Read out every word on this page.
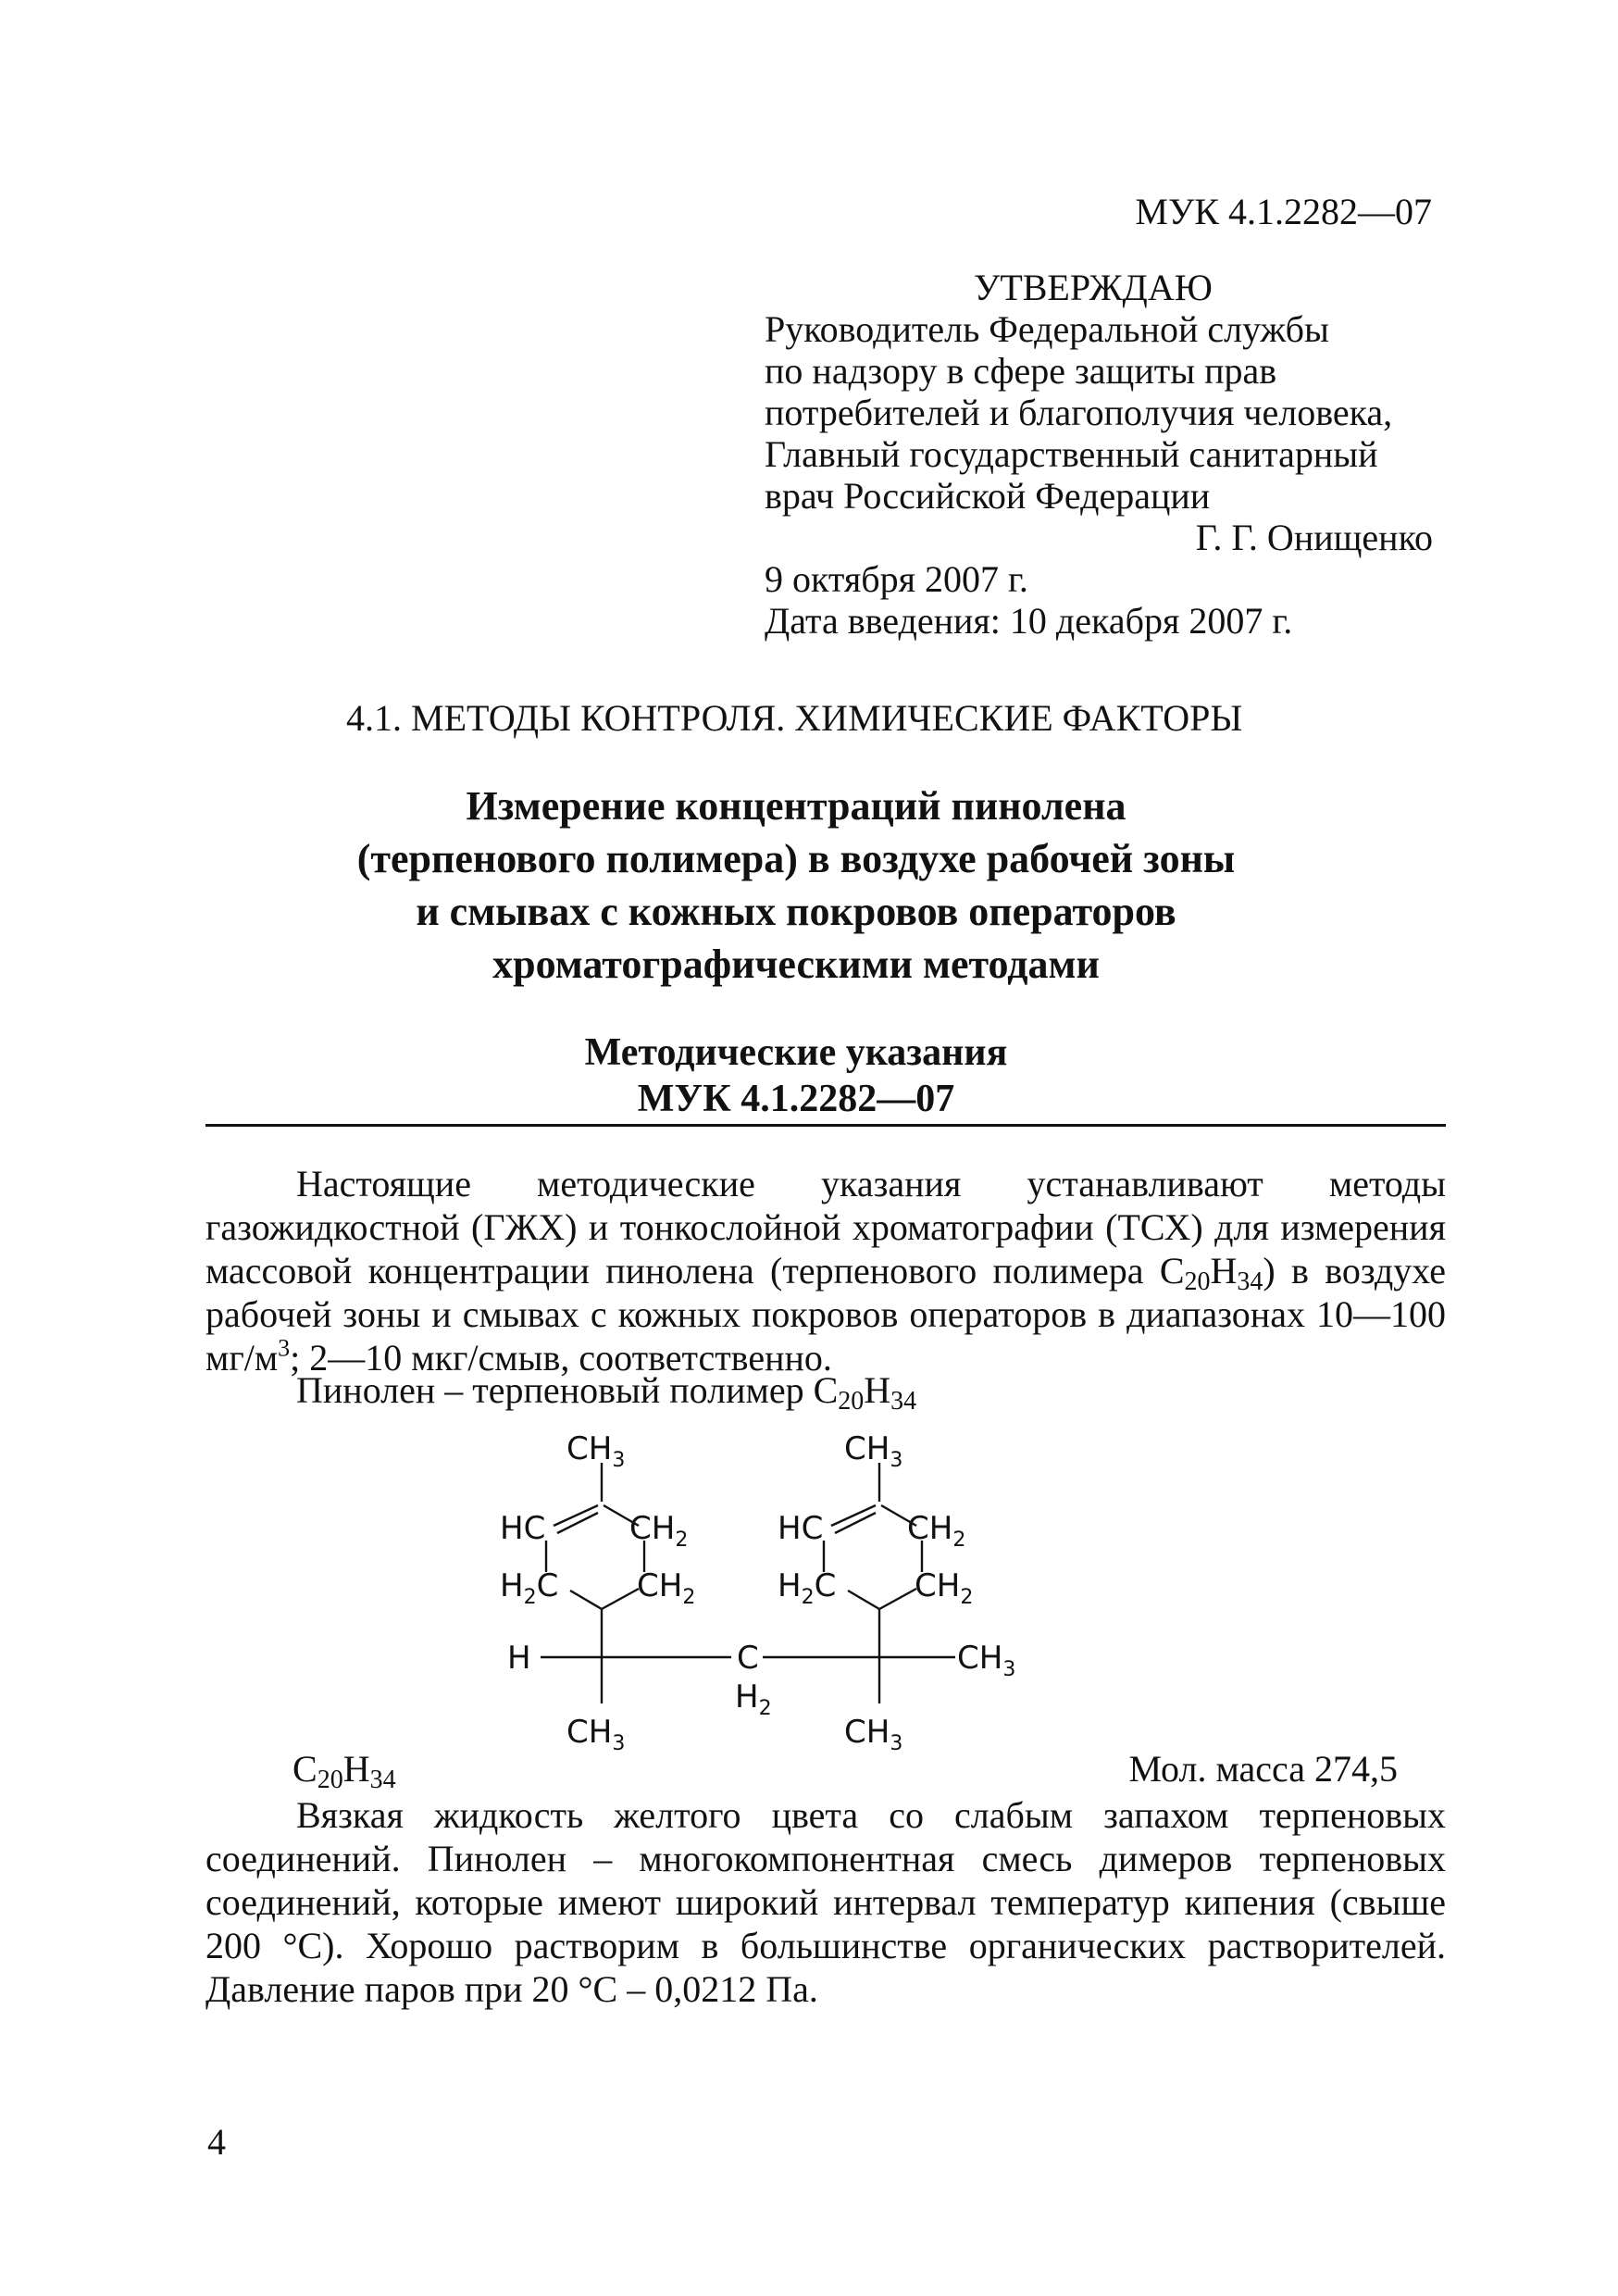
МУК 4.1.2282—07
УТВЕРЖДАЮ
Руководитель Федеральной службы
по надзору в сфере защиты прав
потребителей и благополучия человека,
Главный государственный санитарный
врач Российской Федерации
Г. Г. Онищенко
9 октября 2007 г.
Дата введения: 10 декабря 2007 г.
4.1. МЕТОДЫ КОНТРОЛЯ. ХИМИЧЕСКИЕ ФАКТОРЫ
Измерение концентраций пинолена
(терпенового полимера) в воздухе рабочей зоны
и смывах с кожных покровов операторов
хроматографическими методами
Методические указания
МУК 4.1.2282—07
Настоящие методические указания устанавливают методы газожидкостной (ГЖХ) и тонкослойной хроматографии (ТСХ) для измерения массовой концентрации пинолена (терпенового полимера $C_{20}H_{34}$) в воздухе рабочей зоны и смывах с кожных покровов операторов в диапазонах 10—100 $мг/м^3$; 2—10 мкг/смыв, соответственно.
Пинолен – терпеновый полимер $C_{20}H_{34}$
$CH_3$
HC	$CH_2$
$H_2C$ $CH_2$
H
$CH_3$
C
$H_2$
$CH_3$
HC	$CH_2$
$H_2C$ $CH_2$
$CH_3$
$CH_3$
$C_{20}H_{34}$	Мол. масса 274,5
Вязкая жидкость желтого цвета со слабым запахом терпеновых соединений. Пинолен – многокомпонентная смесь димеров терпеновых соединений, которые имеют широкий интервал температур кипения (свыше 200 °С). Хорошо растворим в большинстве органических растворителей. Давление паров при 20 °С – 0,0212 Па.
4
